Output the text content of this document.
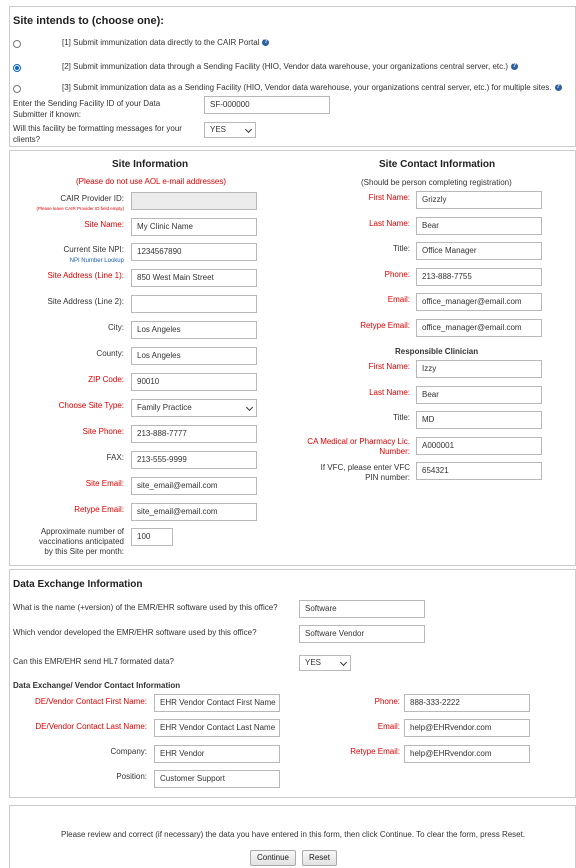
Site intends to (choose one):
[1] Submit immunization data directly to the CAIR Portal ?
[2] Submit immunization data through a Sending Facility (HIO, Vendor data warehouse, your organizations central server, etc.) ?
[3] Submit immunization data as a Sending Facility (HIO, Vendor data warehouse, your organizations central server, etc.) for multiple sites. ?
Enter the Sending Facility ID of your Data Submitter if known:
SF-000000
Will this facility be formatting messages for your clients?
YES
Site Information
(Please do not use AOL e-mail addresses)
CAIR Provider ID:
(Please leave CAIR Provider ID field empty)
Site Name:	My Clinic Name
Current Site NPI:
NPI Number Lookup
1234567890
Site Address (Line 1):	850 West Main Street
Site Address (Line 2):
City:	Los Angeles
County:	Los Angeles
ZIP Code:	90010
Choose Site Type:	Family Practice
Site Phone:	213-888-7777
FAX:	213-555-9999
Site Email:	site_email@email.com
Retype Email:	site_email@email.com
Approximate number of vaccinations anticipated by this Site per month:
100
Site Contact Information
(Should be person completing registration)
First Name:	Grizzly
Last Name:	Bear
Title:	Office Manager
Phone:	213-888-7755
Email:	office_manager@email.com
Retype Email:	office_manager@email.com
Responsible Clinician
First Name:	Izzy
Last Name:	Bear
Title:	MD
CA Medical or Pharmacy Lic. Number:
A000001
If VFC, please enter VFC PIN number:
654321
Data Exchange Information
What is the name (+version) of the EMR/EHR software used by this office?	Software
Which vendor developed the EMR/EHR software used by this office?	Software Vendor
Can this EMR/EHR send HL7 formated data?	YES
Data Exchange/ Vendor Contact Information
DE/Vendor Contact First Name:	EHR Vendor Contact First Name
DE/Vendor Contact Last Name:	EHR Vendor Contact Last Name
Company:	EHR Vendor
Position:	Customer Support
Phone:	888-333-2222
Email:	help@EHRvendor.com
Retype Email:	help@EHRvendor.com
Please review and correct (if necessary) the data you have entered in this form, then click Continue. To clear the form, press Reset.
Continue	Reset
